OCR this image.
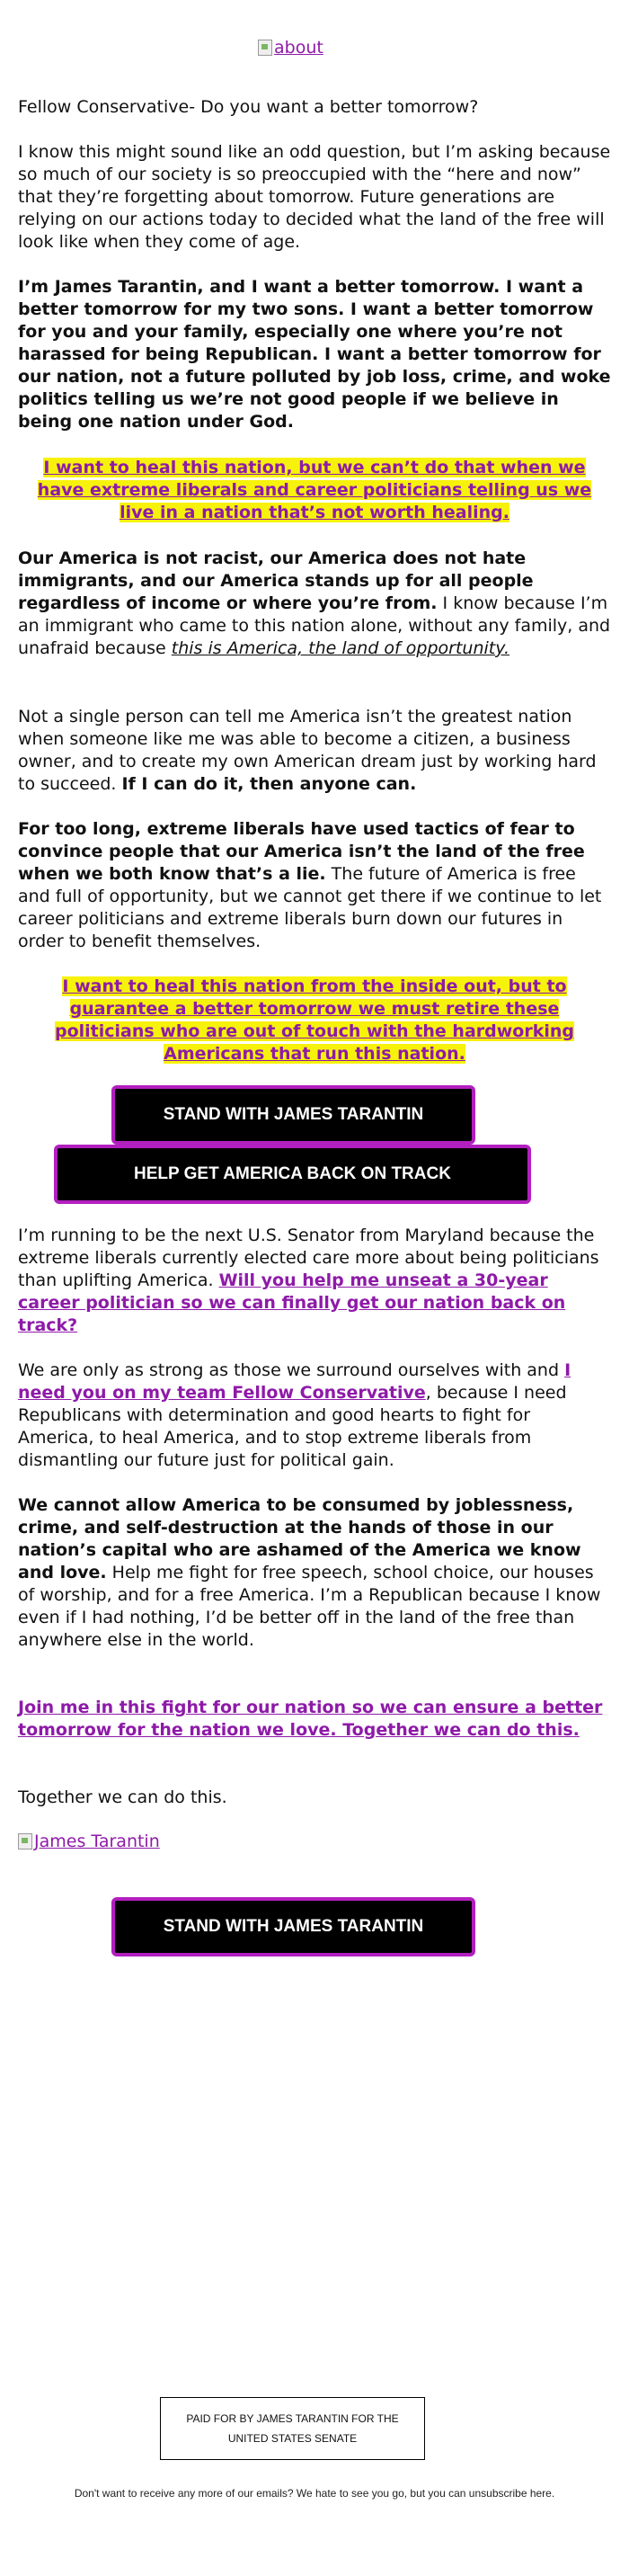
about

Fellow Conservative- Do you want a better tomorrow?

I know this might sound like an odd question, but I’m asking because so much of our society is so preoccupied with the “here and now” that they’re forgetting about tomorrow. Future generations are relying on our actions today to decided what the land of the free will look like when they come of age.

I’m James Tarantin, and I want a better tomorrow. I want a better tomorrow for my two sons. I want a better tomorrow for you and your family, especially one where you’re not harassed for being Republican. I want a better tomorrow for our nation, not a future polluted by job loss, crime, and woke politics telling us we’re not good people if we believe in being one nation under God.

I want to heal this nation, but we can’t do that when we have extreme liberals and career politicians telling us we live in a nation that’s not worth healing.

Our America is not racist, our America does not hate immigrants, and our America stands up for all people regardless of income or where you’re from. I know because I’m an immigrant who came to this nation alone, without any family, and unafraid because this is America, the land of opportunity.

Not a single person can tell me America isn’t the greatest nation when someone like me was able to become a citizen, a business owner, and to create my own American dream just by working hard to succeed. If I can do it, then anyone can.

For too long, extreme liberals have used tactics of fear to convince people that our America isn’t the land of the free when we both know that’s a lie. The future of America is free and full of opportunity, but we cannot get there if we continue to let career politicians and extreme liberals burn down our futures in order to benefit themselves.

I want to heal this nation from the inside out, but to guarantee a better tomorrow we must retire these politicians who are out of touch with the hardworking Americans that run this nation.

STAND WITH JAMES TARANTIN
HELP GET AMERICA BACK ON TRACK

I’m running to be the next U.S. Senator from Maryland because the extreme liberals currently elected care more about being politicians than uplifting America. Will you help me unseat a 30-year career politician so we can finally get our nation back on track?

We are only as strong as those we surround ourselves with and I need you on my team Fellow Conservative, because I need Republicans with determination and good hearts to fight for America, to heal America, and to stop extreme liberals from dismantling our future just for political gain.

We cannot allow America to be consumed by joblessness, crime, and self-destruction at the hands of those in our nation’s capital who are ashamed of the America we know and love. Help me fight for free speech, school choice, our houses of worship, and for a free America. I’m a Republican because I know even if I had nothing, I’d be better off in the land of the free than anywhere else in the world.

Join me in this fight for our nation so we can ensure a better tomorrow for the nation we love. Together we can do this.

Together we can do this.

James Tarantin
STAND WITH JAMES TARANTIN
PAID FOR BY JAMES TARANTIN FOR THE UNITED STATES SENATE
Don't want to receive any more of our emails? We hate to see you go, but you can unsubscribe here.
